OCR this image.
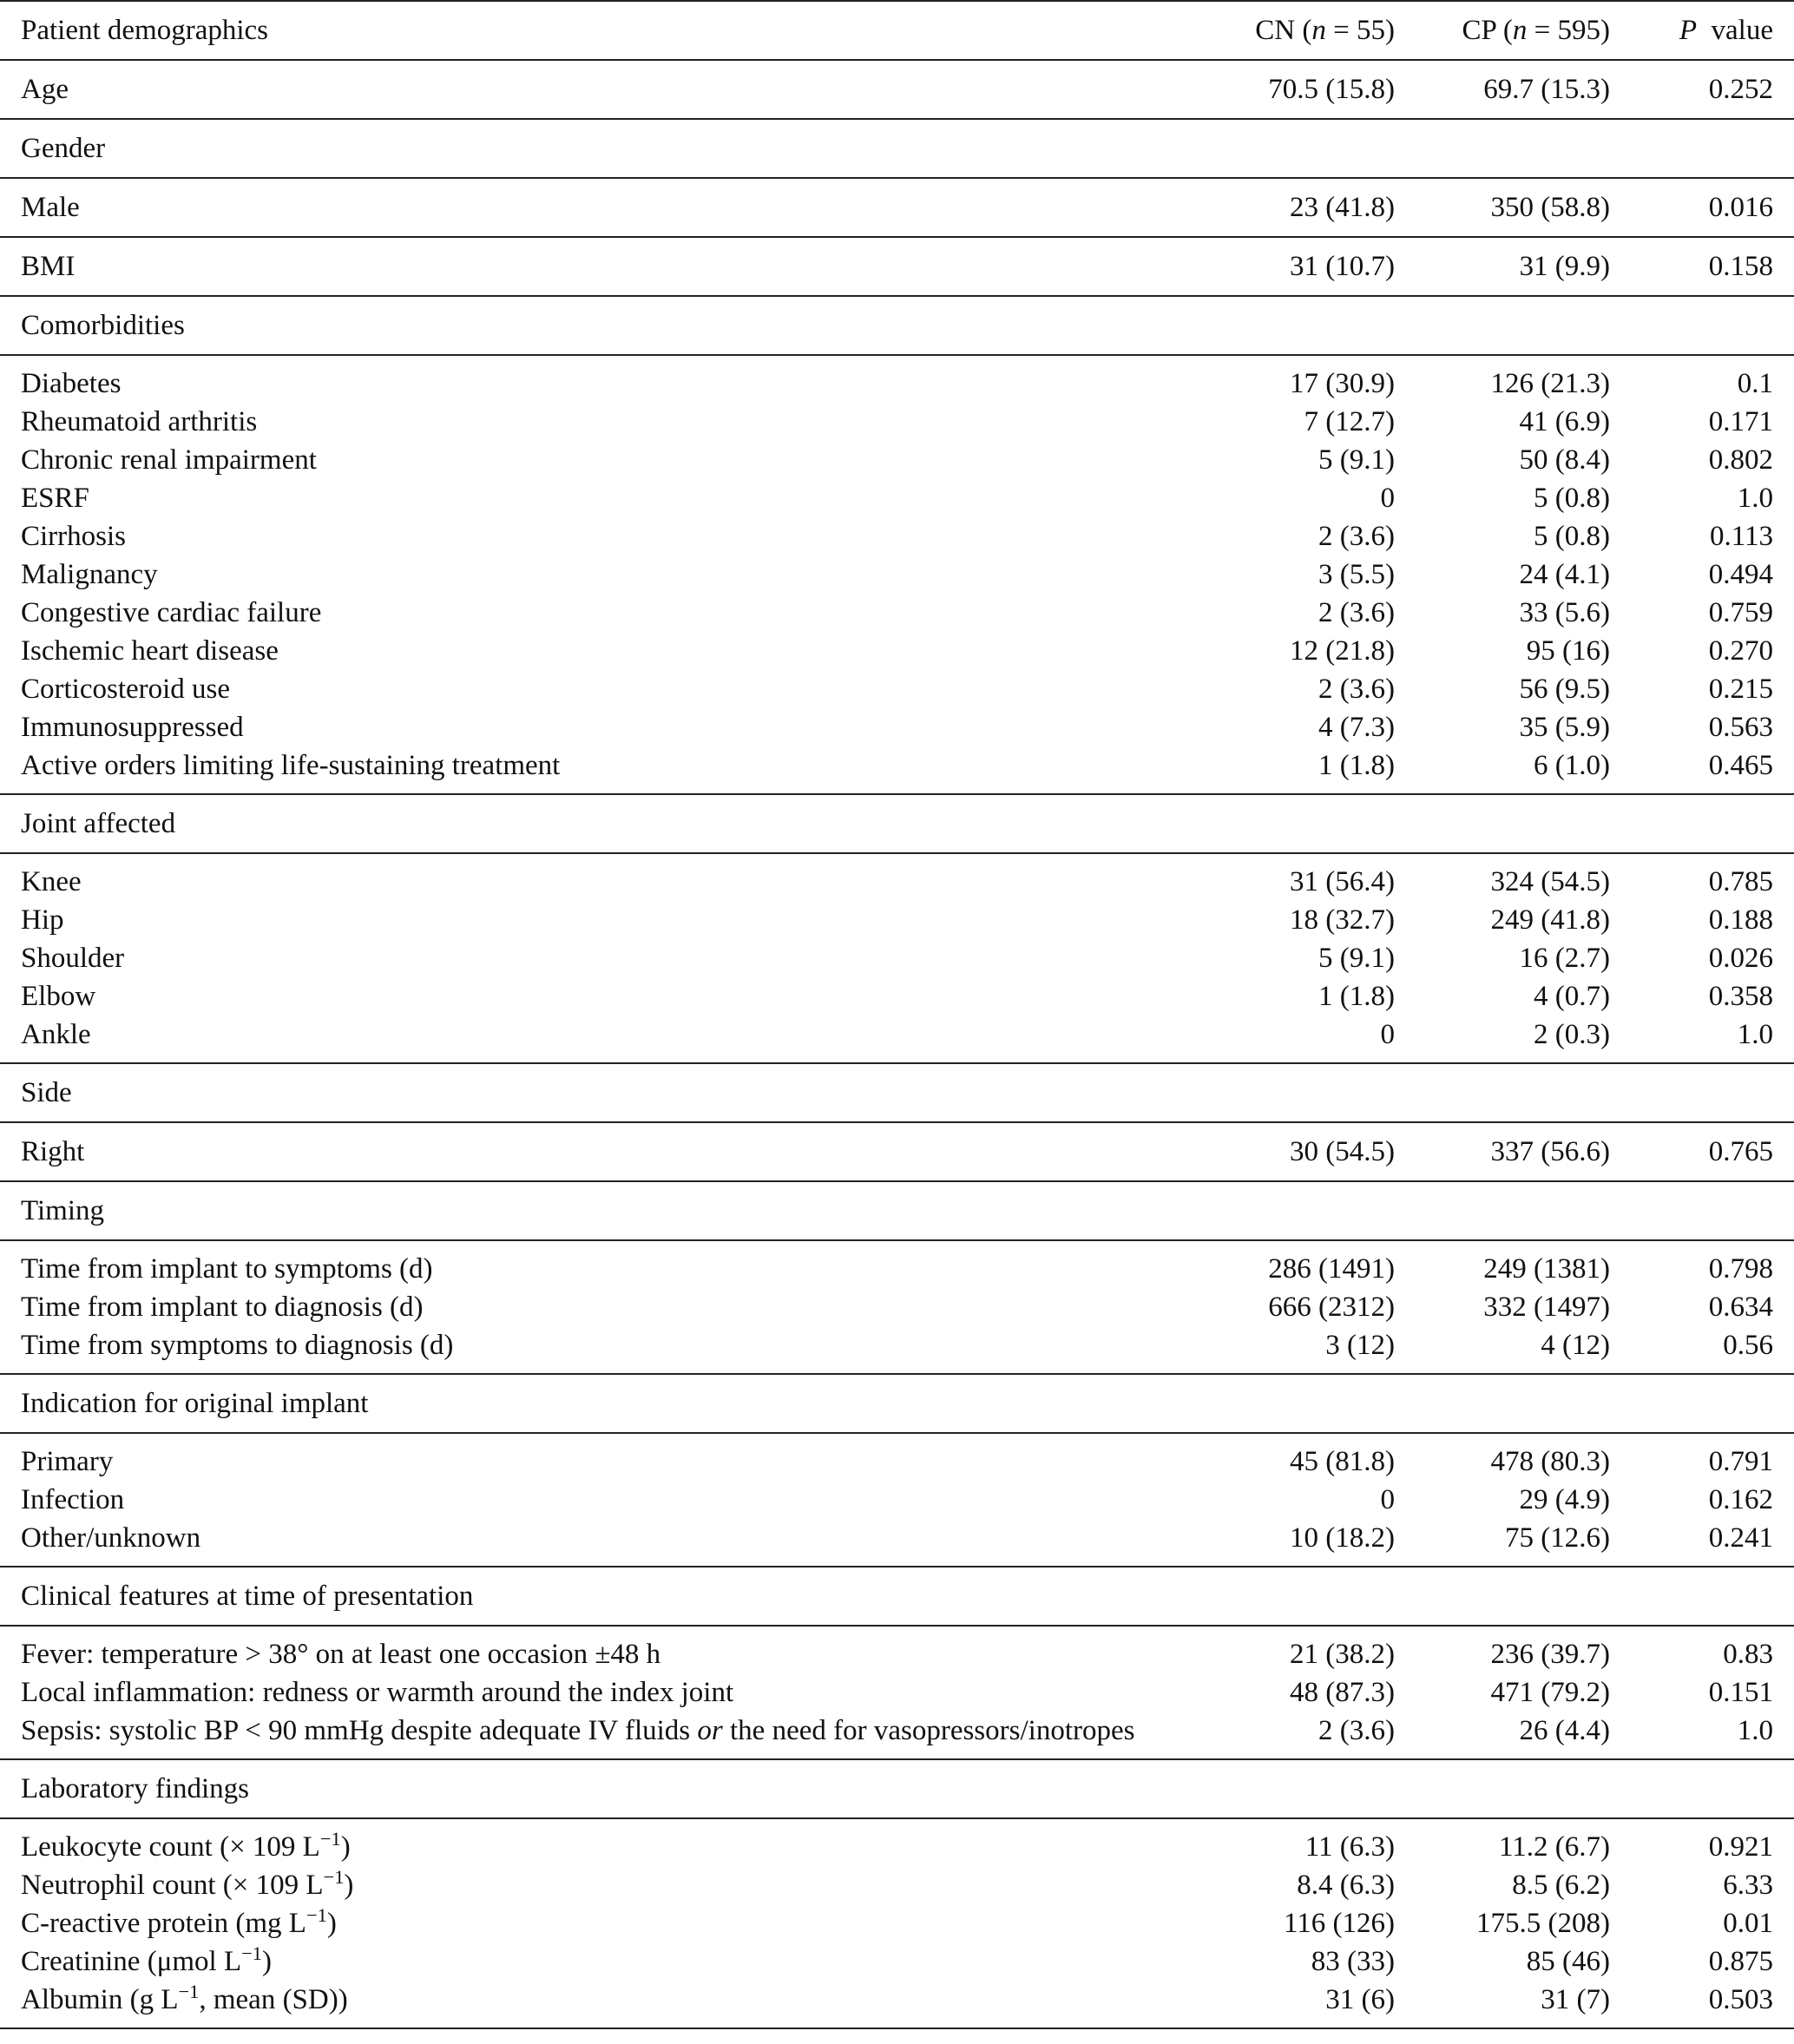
Patient demographics	CN (n = 55)	CP (n = 595)	P  value
Age	70.5 (15.8)	69.7 (15.3)	0.252
Gender			
Male	23 (41.8)	350 (58.8)	0.016
BMI	31 (10.7)	31 (9.9)	0.158
Comorbidities			
Diabetes	17 (30.9)	126 (21.3)	0.1
Rheumatoid arthritis	7 (12.7)	41 (6.9)	0.171
Chronic renal impairment	5 (9.1)	50 (8.4)	0.802
ESRF	0	5 (0.8)	1.0
Cirrhosis	2 (3.6)	5 (0.8)	0.113
Malignancy	3 (5.5)	24 (4.1)	0.494
Congestive cardiac failure	2 (3.6)	33 (5.6)	0.759
Ischemic heart disease	12 (21.8)	95 (16)	0.270
Corticosteroid use	2 (3.6)	56 (9.5)	0.215
Immunosuppressed	4 (7.3)	35 (5.9)	0.563
Active orders limiting life-sustaining treatment	1 (1.8)	6 (1.0)	0.465
Joint affected			
Knee	31 (56.4)	324 (54.5)	0.785
Hip	18 (32.7)	249 (41.8)	0.188
Shoulder	5 (9.1)	16 (2.7)	0.026
Elbow	1 (1.8)	4 (0.7)	0.358
Ankle	0	2 (0.3)	1.0
Side			
Right	30 (54.5)	337 (56.6)	0.765
Timing			
Time from implant to symptoms (d)	286 (1491)	249 (1381)	0.798
Time from implant to diagnosis (d)	666 (2312)	332 (1497)	0.634
Time from symptoms to diagnosis (d)	3 (12)	4 (12)	0.56
Indication for original implant			
Primary	45 (81.8)	478 (80.3)	0.791
Infection	0	29 (4.9)	0.162
Other/unknown	10 (18.2)	75 (12.6)	0.241
Clinical features at time of presentation			
Fever: temperature > 38° on at least one occasion ±48 h	21 (38.2)	236 (39.7)	0.83
Local inflammation: redness or warmth around the index joint	48 (87.3)	471 (79.2)	0.151
Sepsis: systolic BP < 90 mmHg despite adequate IV fluids or the need for vasopressors/inotropes	2 (3.6)	26 (4.4)	1.0
Laboratory findings			
Leukocyte count (× 109 $L^{-1}$)	11 (6.3)	11.2 (6.7)	0.921
Neutrophil count (× 109 $L^{-1}$)	8.4 (6.3)	8.5 (6.2)	6.33
C-reactive protein (mg $L^{-1}$)	116 (126)	175.5 (208)	0.01
Creatinine (μmol $L^{-1}$)	83 (33)	85 (46)	0.875
Albumin (g $L^{-1}$, mean (SD))	31 (6)	31 (7)	0.503
